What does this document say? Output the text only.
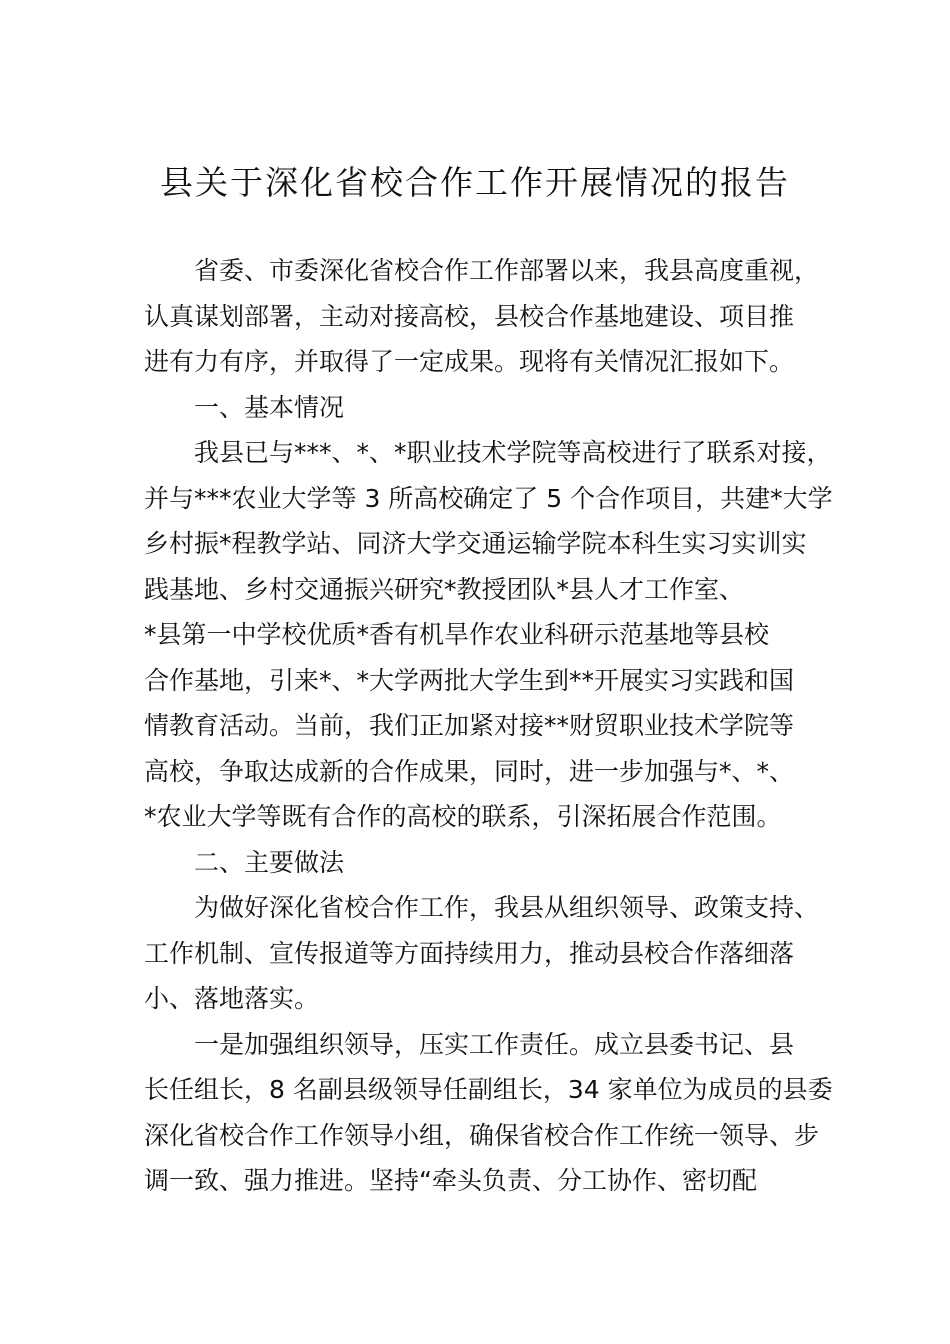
县关于深化省校合作工作开展情况的报告
省委、市委深化省校合作工作部署以来，我县高度重视，
认真谋划部署，主动对接高校，县校合作基地建设、项目推
进有力有序，并取得了一定成果。现将有关情况汇报如下。
一、基本情况
我县已与***、*、*职业技术学院等高校进行了联系对接，
并与***农业大学等 3 所高校确定了 5 个合作项目，共建*大学
乡村振*程教学站、同济大学交通运输学院本科生实习实训实
践基地、乡村交通振兴研究*教授团队*县人才工作室、
*县第一中学校优质*香有机旱作农业科研示范基地等县校
合作基地，引来*、*大学两批大学生到**开展实习实践和国
情教育活动。当前，我们正加紧对接**财贸职业技术学院等
高校，争取达成新的合作成果，同时，进一步加强与*、*、
*农业大学等既有合作的高校的联系，引深拓展合作范围。
二、主要做法
为做好深化省校合作工作，我县从组织领导、政策支持、
工作机制、宣传报道等方面持续用力，推动县校合作落细落
小、落地落实。
一是加强组织领导，压实工作责任。成立县委书记、县
长任组长，8 名副县级领导任副组长，34 家单位为成员的县委
深化省校合作工作领导小组，确保省校合作工作统一领导、步
调一致、强力推进。坚持“牵头负责、分工协作、密切配
